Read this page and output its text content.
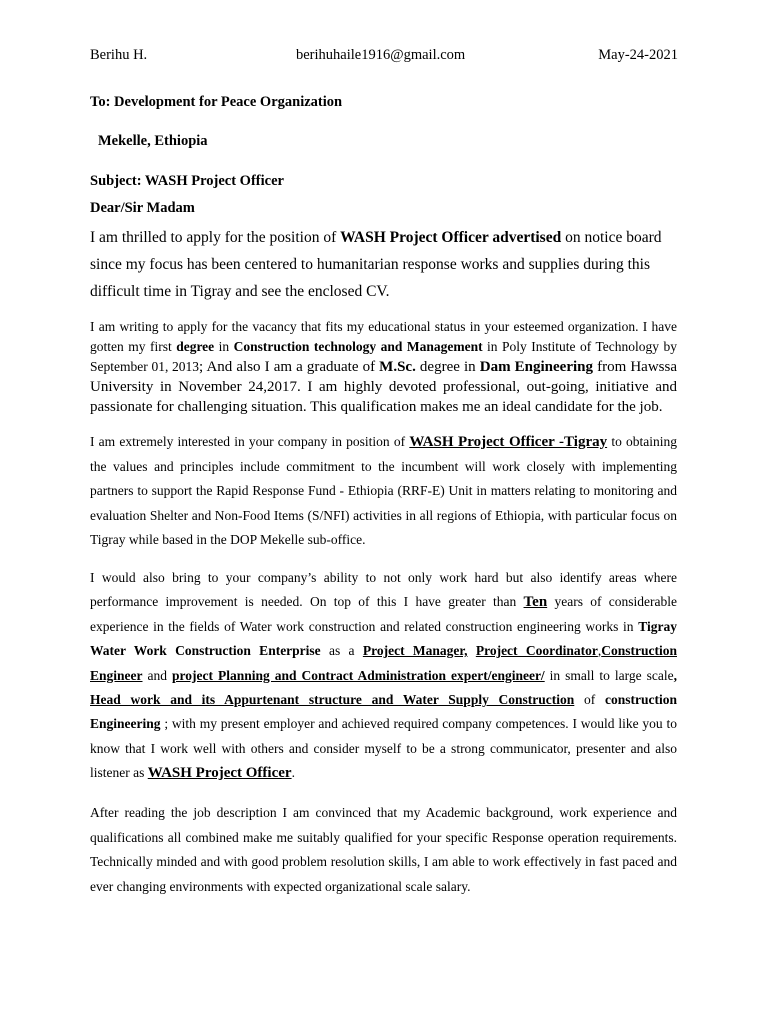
Berihu H.	berihuhaile1916@gmail.com	May-24-2021
To: Development for Peace Organization
Mekelle, Ethiopia
Subject: WASH Project Officer
Dear/Sir Madam

I am thrilled to apply for the position of WASH Project Officer advertised on notice board since my focus has been centered to humanitarian response works and supplies during this difficult time in Tigray and see the enclosed CV.

I am writing to apply for the vacancy that fits my educational status in your esteemed organization. I have gotten my first degree in Construction technology and Management in Poly Institute of Technology by September 01, 2013; And also I am a graduate of M.Sc. degree in Dam Engineering from Hawssa University in November 24,2017. I am highly devoted professional, out-going, initiative and passionate for challenging situation. This qualification makes me an ideal candidate for the job.

I am extremely interested in your company in position of WASH Project Officer -Tigray to obtaining the values and principles include commitment to the incumbent will work closely with implementing partners to support the Rapid Response Fund - Ethiopia (RRF-E) Unit in matters relating to monitoring and evaluation Shelter and Non-Food Items (S/NFI) activities in all regions of Ethiopia, with particular focus on Tigray while based in the DOP Mekelle sub-office.

I would also bring to your company’s ability to not only work hard but also identify areas where performance improvement is needed. On top of this I have greater than Ten years of considerable experience in the fields of Water work construction and related construction engineering works in Tigray Water Work Construction Enterprise as a Project Manager, Project Coordinator,Construction Engineer and project Planning and Contract Administration expert/engineer/ in small to large scale, Head work and its Appurtenant structure and Water Supply Construction of construction Engineering ; with my present employer and achieved required company competences. I would like you to know that I work well with others and consider myself to be a strong communicator, presenter and also listener as WASH Project Officer.

After reading the job description I am convinced that my Academic background, work experience and qualifications all combined make me suitably qualified for your specific Response operation requirements. Technically minded and with good problem resolution skills, I am able to work effectively in fast paced and ever changing environments with expected organizational scale salary.
